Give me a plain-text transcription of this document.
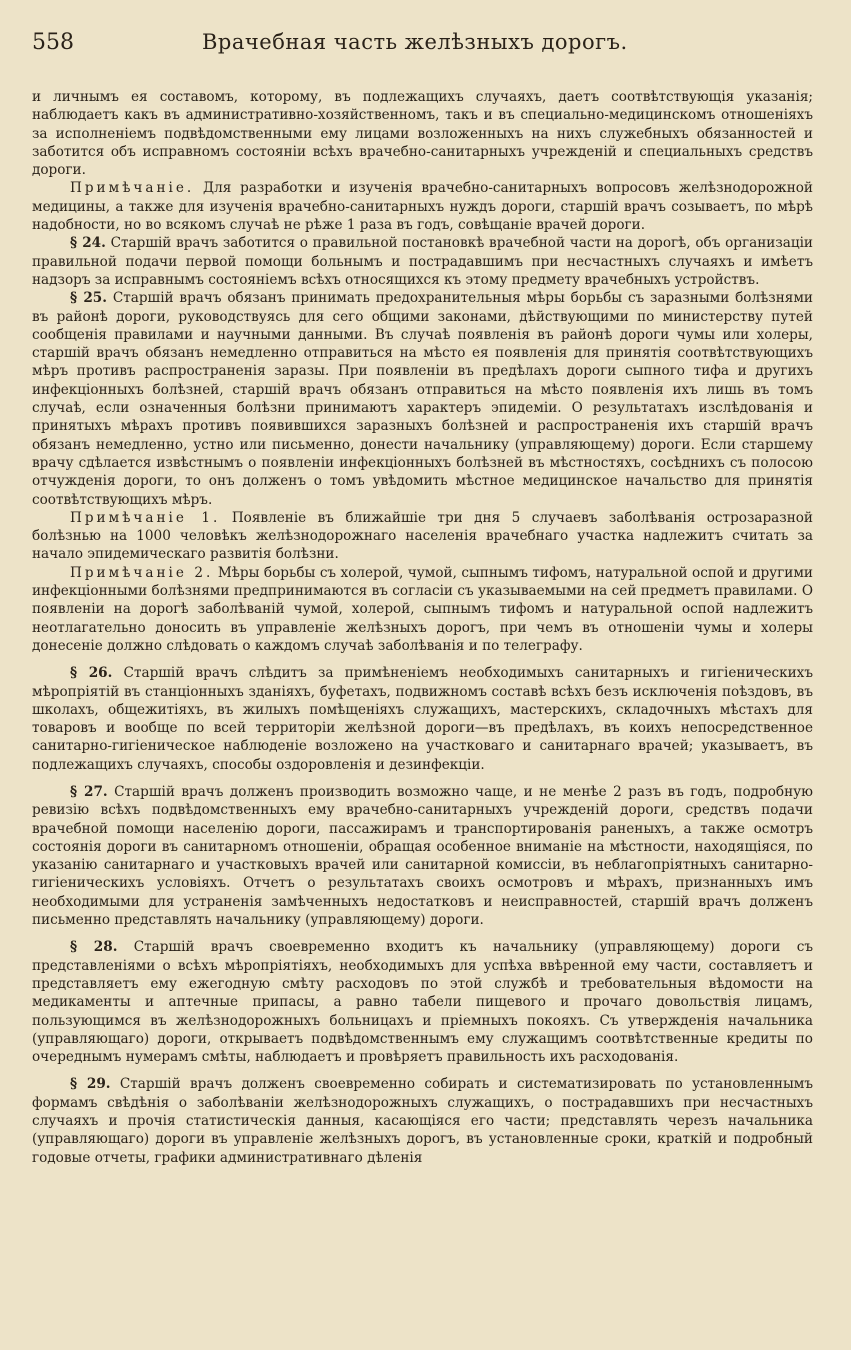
558	Врачебная часть желѣзныхъ дорогъ.

и личнымъ ея составомъ, которому, въ подлежащихъ случаяхъ, даетъ соотвѣтствующія указанія; наблюдаетъ какъ въ административно-хозяйственномъ, такъ и въ специально-медицинскомъ отношеніяхъ за исполненіемъ подвѣдомственными ему лицами возложенныхъ на нихъ служебныхъ обязанностей и заботится объ исправномъ состояніи всѣхъ врачебно-санитарныхъ учрежденій и специальныхъ средствъ дороги.

Примѣчаніе. Для разработки и изученія врачебно-санитарныхъ вопросовъ желѣзнодорожной медицины, а также для изученія врачебно-санитарныхъ нуждъ дороги, старшій врачъ созываетъ, по мѣрѣ надобности, но во всякомъ случаѣ не рѣже 1 раза въ годъ, совѣщаніе врачей дороги.

§ 24. Старшій врачъ заботится о правильной постановкѣ врачебной части на дорогѣ, объ организаціи правильной подачи первой помощи больнымъ и пострадавшимъ при несчастныхъ случаяхъ и имѣетъ надзоръ за исправнымъ состояніемъ всѣхъ относящихся къ этому предмету врачебныхъ устройствъ.

§ 25. Старшій врачъ обязанъ принимать предохранительныя мѣры борьбы съ заразными болѣзнями въ районѣ дороги, руководствуясь для сего общими законами, дѣйствующими по министерству путей сообщенія правилами и научными данными. Въ случаѣ появленія въ районѣ дороги чумы или холеры, старшій врачъ обязанъ немедленно отправиться на мѣсто ея появленія для принятія соотвѣтствующихъ мѣръ противъ распространенія заразы. При появленіи въ предѣлахъ дороги сыпного тифа и другихъ инфекціонныхъ болѣзней, старшій врачъ обязанъ отправиться на мѣсто появленія ихъ лишь въ томъ случаѣ, если означенныя болѣзни принимаютъ характеръ эпидеміи. О результатахъ изслѣдованія и принятыхъ мѣрахъ противъ появившихся заразныхъ болѣзней и распространенія ихъ старшій врачъ обязанъ немедленно, устно или письменно, донести начальнику (управляющему) дороги. Если старшему врачу сдѣлается извѣстнымъ о появленіи инфекціонныхъ болѣзней въ мѣстностяхъ, сосѣднихъ съ полосою отчужденія дороги, то онъ долженъ о томъ увѣдомить мѣстное медицинское начальство для принятія соотвѣтствующихъ мѣръ.

Примѣчаніе 1. Появленіе въ ближайшіе три дня 5 случаевъ заболѣванія острозаразной болѣзнью на 1000 человѣкъ желѣзнодорожнаго населенія врачебнаго участка надлежитъ считать за начало эпидемическаго развитія болѣзни.

Примѣчаніе 2. Мѣры борьбы съ холерой, чумой, сыпнымъ тифомъ, натуральной оспой и другими инфекціонными болѣзнями предпринимаются въ согласіи съ указываемыми на сей предметъ правилами. О появленіи на дорогѣ заболѣваній чумой, холерой, сыпнымъ тифомъ и натуральной оспой надлежитъ неотлагательно доносить въ управленіе желѣзныхъ дорогъ, при чемъ въ отношеніи чумы и холеры донесеніе должно слѣдовать о каждомъ случаѣ заболѣванія и по телеграфу.

§ 26. Старшій врачъ слѣдитъ за примѣненіемъ необходимыхъ санитарныхъ и гигіеническихъ мѣропріятій въ станціонныхъ зданіяхъ, буфетахъ, подвижномъ составѣ всѣхъ безъ исключенія поѣздовъ, въ школахъ, общежитіяхъ, въ жилыхъ помѣщеніяхъ служащихъ, мастерскихъ, складочныхъ мѣстахъ для товаровъ и вообще по всей территоріи желѣзной дороги—въ предѣлахъ, въ коихъ непосредственное санитарно-гигіеническое наблюденіе возложено на участковаго и санитарнаго врачей; указываетъ, въ подлежащихъ случаяхъ, способы оздоровленія и дезинфекціи.

§ 27. Старшій врачъ долженъ производить возможно чаще, и не менѣе 2 разъ въ годъ, подробную ревизію всѣхъ подвѣдомственныхъ ему врачебно-санитарныхъ учрежденій дороги, средствъ подачи врачебной помощи населенію дороги, пассажирамъ и транспортированія раненыхъ, а также осмотръ состоянія дороги въ санитарномъ отношеніи, обращая особенное вниманіе на мѣстности, находящіяся, по указанію санитарнаго и участковыхъ врачей или санитарной комиссіи, въ неблагопріятныхъ санитарно-гигіеническихъ условіяхъ. Отчетъ о результатахъ своихъ осмотровъ и мѣрахъ, признанныхъ имъ необходимыми для устраненія замѣченныхъ недостатковъ и неисправностей, старшій врачъ долженъ письменно представлять начальнику (управляющему) дороги.

§ 28. Старшій врачъ своевременно входитъ къ начальнику (управляющему) дороги съ представленіями о всѣхъ мѣропріятіяхъ, необходимыхъ для успѣха ввѣренной ему части, составляетъ и представляетъ ему ежегодную смѣту расходовъ по этой службѣ и требовательныя вѣдомости на медикаменты и аптечные припасы, а равно табели пищевого и прочаго довольствія лицамъ, пользующимся въ желѣзнодорожныхъ больницахъ и пріемныхъ покояхъ. Съ утвержденія начальника (управляющаго) дороги, открываетъ подвѣдомственнымъ ему служащимъ соотвѣтственные кредиты по очереднымъ нумерамъ смѣты, наблюдаетъ и провѣряетъ правильность ихъ расходованія.

§ 29. Старшій врачъ долженъ своевременно собирать и систематизировать по установленнымъ формамъ свѣдѣнія о заболѣваніи желѣзнодорожныхъ служащихъ, о пострадавшихъ при несчастныхъ случаяхъ и прочія статистическія данныя, касающіяся его части; представлять черезъ начальника (управляющаго) дороги въ управленіе желѣзныхъ дорогъ, въ установленные сроки, краткій и подробный годовые отчеты, графики административнаго дѣленія
